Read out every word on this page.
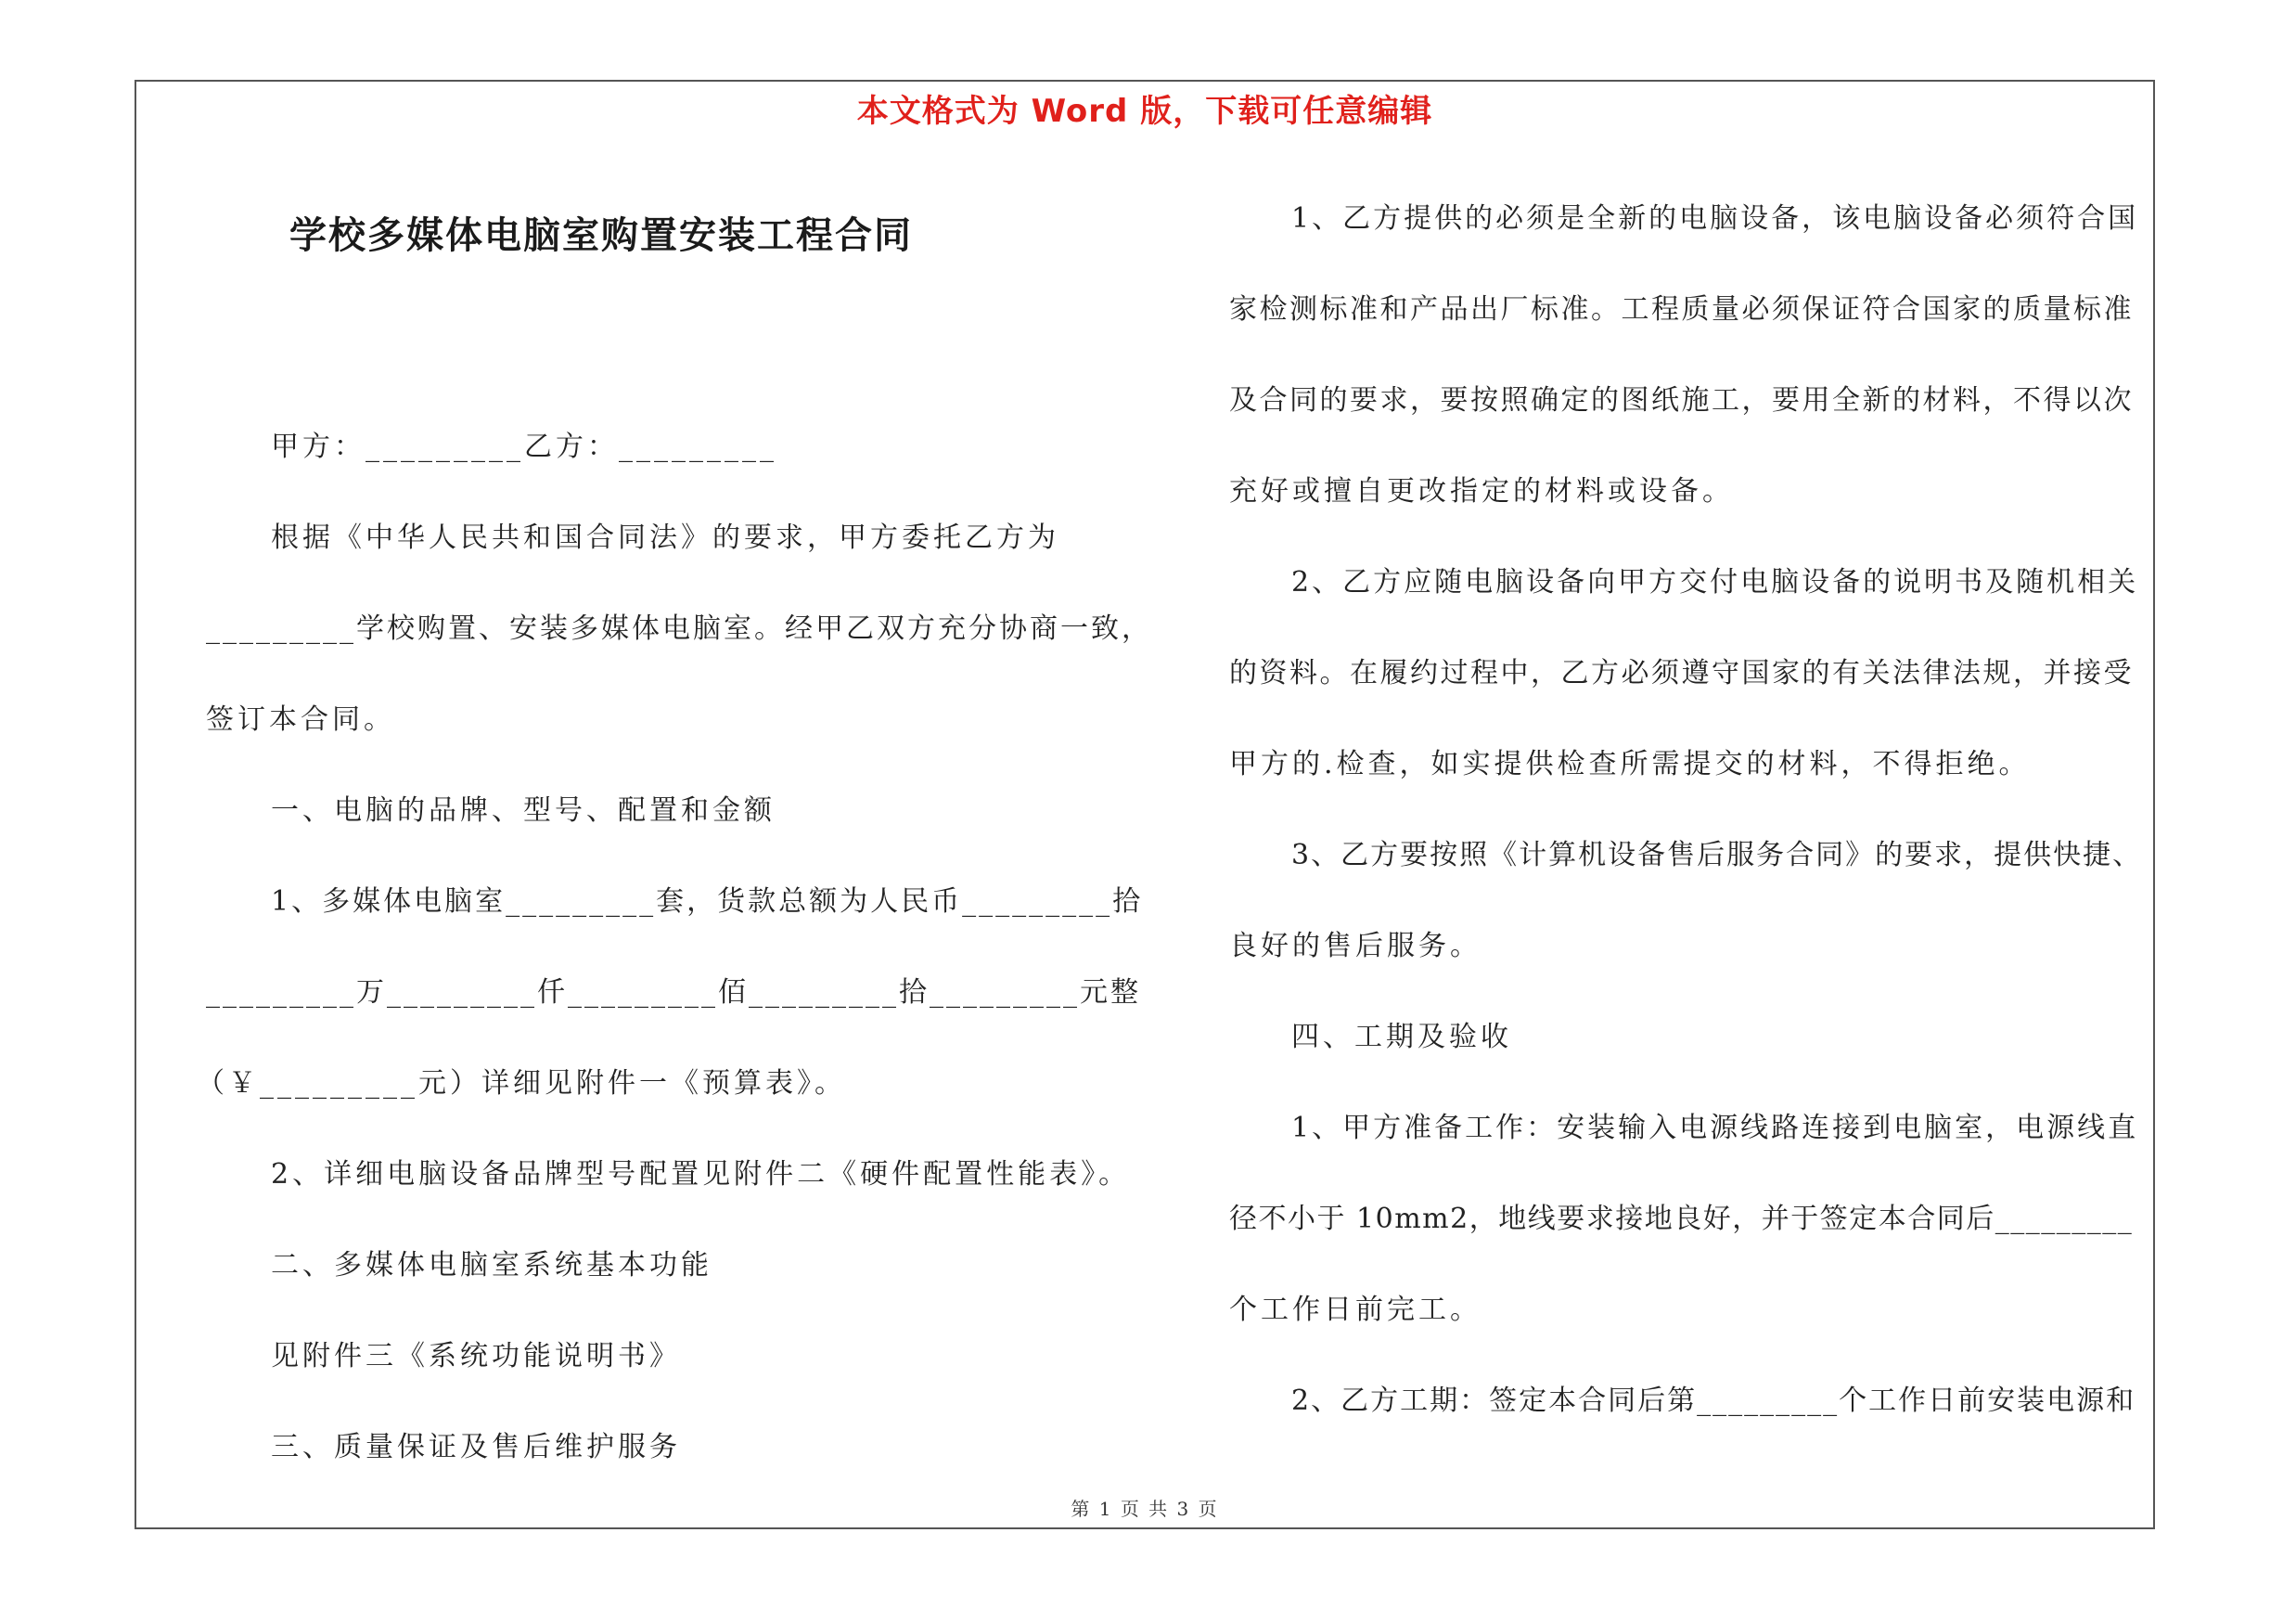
本文格式为 Word 版，下载可任意编辑
学校多媒体电脑室购置安装工程合同
甲方：_________乙方：_________
根据《中华人民共和国合同法》的要求，甲方委托乙方为
_________学校购置、安装多媒体电脑室。经甲乙双方充分协商一致，
签订本合同。
一、电脑的品牌、型号、配置和金额
1、多媒体电脑室_________套，货款总额为人民币_________拾
_________万_________仟_________佰_________拾_________元整
（￥_________元）详细见附件一《预算表》。
2、详细电脑设备品牌型号配置见附件二《硬件配置性能表》。
二、多媒体电脑室系统基本功能
见附件三《系统功能说明书》
三、质量保证及售后维护服务
1、乙方提供的必须是全新的电脑设备，该电脑设备必须符合国
家检测标准和产品出厂标准。工程质量必须保证符合国家的质量标准
及合同的要求，要按照确定的图纸施工，要用全新的材料，不得以次
充好或擅自更改指定的材料或设备。
2、乙方应随电脑设备向甲方交付电脑设备的说明书及随机相关
的资料。在履约过程中，乙方必须遵守国家的有关法律法规，并接受
甲方的.检查，如实提供检查所需提交的材料，不得拒绝。
3、乙方要按照《计算机设备售后服务合同》的要求，提供快捷、
良好的售后服务。
四、工期及验收
1、甲方准备工作：安装输入电源线路连接到电脑室，电源线直
径不小于 10mm2，地线要求接地良好，并于签定本合同后_________
个工作日前完工。
2、乙方工期：签定本合同后第_________个工作日前安装电源和
第 1 页 共 3 页
